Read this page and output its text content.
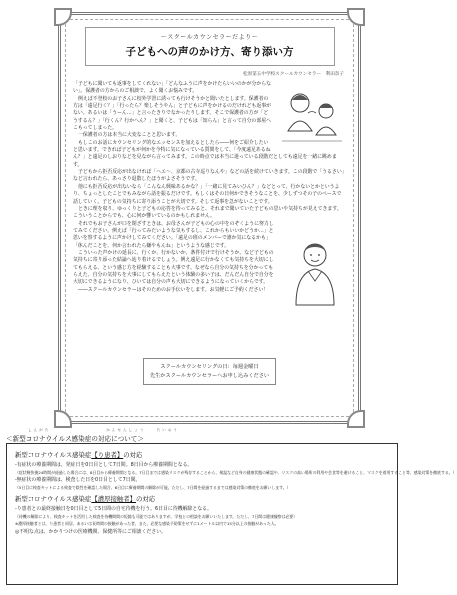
～スクールカウンセラーだより～
子どもへの声のかけ方、寄り添い方
松原第五中学校スクールカウンセラー　利田奈子

「子どもに聞いても返事をしてくれない」「どんなふうに声をかけたらいいのかが分からない」。保護者の方からのご相談で、よく聞くお悩みです。

例えば不登校のお子さんに校外学習に誘っても行けそうかと聞いたとします。保護者の方は「遠足行く？」「行ったら？楽しそうやん」と子どもに声をかけるのだけれども返事がない。あるいは「うーん…」と言ったきりでなかったりします。そこで保護者の方が「どうするん？」「行くん？行かへん？」と聞くと、子どもは「知らん」と言って自分の部屋へこもってしまった。

一保護者の方は本当に大変なことと思います。

もしこのお話にカウンセリング的なエッセンスを加えるとしたら――何をご紹介したいと思います。できれば子どもが何かを今特に気になっている質問をして、「今度遠足あるねん？」と遠足のしおりなどを見ながら言ってみます。この時点では本当に迷っている段階だとしても遠足を一緒に眺めます。

子どもから拒否反応が出なければ「ヘエ～、京都の古寺巡りなんや」などの話を続けていきます。この段階で「うるさい」など言われたら、あっさり退散したほうがよさそうです。

他にも拒否反応が出ないなら「こんなん興味あるかな？」「一緒に見てみいひん？」などとって、行かないとかというより、ちょっとしたことでもみながら話を振るだけです。もしくはその日何かできそうなことを、少しずつその子のペースで話していく。子どもの気持ちに寄り添うことが大切です。そして返事を急がないことです。

ときに理を収り、ゆっくりと子どもの応答を待ってみると、それまで聞いていた子どもの思いや気持ちが見えてきます。こういうことからでも、心に何か響いているのかもしれません。

それでもお子さんが口を閉ざすときは、お母さんが子どもの心の中をのぞくように努力してみてください。例えば「行ってみたいような気もするし、これからもいいかどうか…」と思いを察するように声かけしてみてください。「遠足の班のメンバーで誰か気になるかも」「休んだことを、何か言われたら嫌やもんね」というような感じです。

こういった声かけの延長に、行くか、行かないか、条件付けで行けそうか、など子どもの気持ちに寄り添った結論へ辿り着けるでしょう。例え遠足に行かなくても気持ちを大切にしてもらえる、という感じ方を経験することも大事です。なぜなら自分の気持ちを分かってもらえた、自分の気持ちを大事にしてもらえたという体験の多い子は、だんだん自分で自分を大切にできるようになり、ひいては自分の声も大切にできるようになっていくからです。

――スクールカウンセラーはそのためのお手伝いをします。お気軽にご予約ください！

スクールカウンセリングの日：毎週金曜日
先生かスクールカウンセラーへお申し込みください
しんがた　　　　　　　　　　かんせんしょう　　たいおう
＜新型コロナウイルス感染症の対応について＞
新型コロナウイルス感染症【り患者】の対応
-有症状の療養期間は、発症日を0日目として7日間。8日目から療養期間となる。
（症状軽快後24時間が経過した場合には、8日目から療養期間となる。7日目までは感染リスクが残存することから、検温など自身の健康状態の確認や、リスクの高い場所の利用や会食等を避けること、マスクを着用すること等、感染対策を徹底する。）
-無症状の療養期間は、検査した日を0日目として7日間。
（5日目に検査キットによる検査で陰性を確認した場合、6日目に療養期間の解除が可能。ただし、7日間を経過するまでは感染対策の徹底をお願いします。）
新型コロナウイルス感染症【濃厚接触者】の対応
-り患者との最終接触日を0日目として5日間の自宅待機を行う。6日目に待機解除となる。
（待機の解除により、検査キットを活用した検査を待機期間の短縮も可能ではありますが、学校との相談をお願いいたします。ただし、7日間は健康観察は必要）
※濃厚接触者とは、り患者と同居、あるいは長時間の接触があった者、また、必要な感染予防策をせずに1メートル以内で15分以上の接触があった人。
◎不明な点は、かかりつけの医療機関、保健所等にご相談ください。
